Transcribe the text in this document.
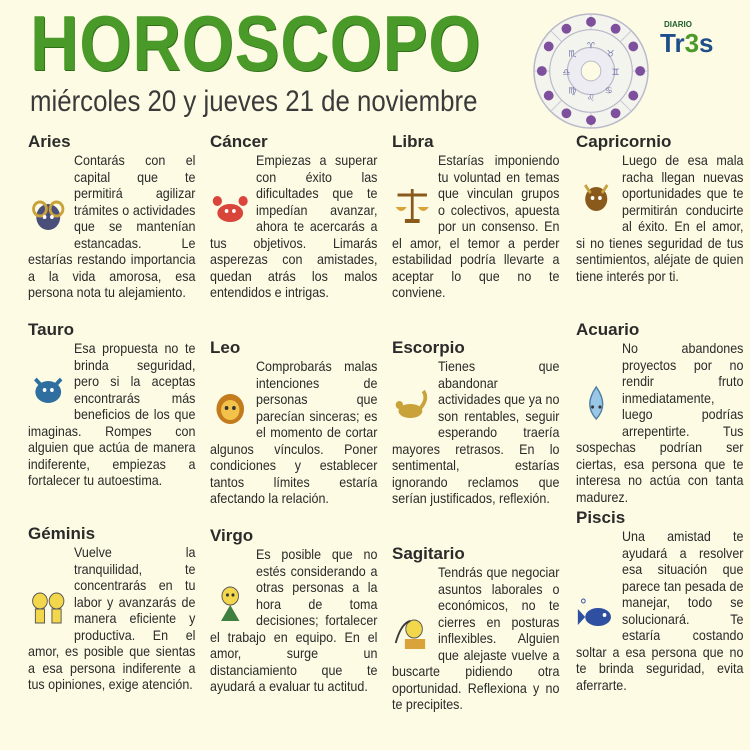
HOROSCOPO
miércoles 20 y jueves 21 de noviembre
♈
♉
♊
♋
♌
♍
♎
♏
DIARIO
Tr3s
Aries
Contarás con el capital que te permitirá agilizar trámites o actividades que se mantenían estancadas. Le estarías restando importancia a la vida amorosa, esa persona nota tu alejamiento.
Tauro
Esa propuesta no te brinda seguridad, pero si la aceptas encontrarás más beneficios de los que imaginas. Rompes con alguien que actúa de manera indiferente, empiezas a fortalecer tu autoestima.
Géminis
Vuelve la tranquilidad, te concentrarás en tu labor y avanzarás de manera eficiente y productiva. En el amor, es posible que sientas a esa persona indiferente a tus opiniones, exige atención.
Cáncer
Empiezas a superar con éxito las dificultades que te impedían avanzar, ahora te acercarás a tus objetivos. Limarás asperezas con amistades, quedan atrás los malos entendidos e intrigas.
Leo
Comprobarás malas intenciones de personas que parecían sinceras; es el momento de cortar algunos vínculos. Poner condiciones y establecer tantos límites estaría afectando la relación.
Virgo
Es posible que no estés considerando a otras personas a la hora de toma decisiones; fortalecer el trabajo en equipo. En el amor, surge un distanciamiento que te ayudará a evaluar tu actitud.
Libra
Estarías imponiendo tu voluntad en temas que vinculan grupos o colectivos, apuesta por un consenso. En el amor, el temor a perder estabilidad podría llevarte a aceptar lo que no te conviene.
Escorpio
Tienes que abandonar actividades que ya no son rentables, seguir esperando traería mayores retrasos. En lo sentimental, estarías ignorando reclamos que serían justificados, reflexión.
Sagitario
Tendrás que negociar asuntos laborales o económicos, no te cierres en posturas inflexibles. Alguien que alejaste vuelve a buscarte pidiendo otra oportunidad. Reflexiona y no te precipites.
Capricornio
Luego de esa mala racha llegan nuevas oportunidades que te permitirán conducirte al éxito. En el amor, si no tienes seguridad de tus sentimientos, aléjate de quien tiene interés por ti.
Acuario
No abandones proyectos por no rendir fruto inmediatamente, luego podrías arrepentirte. Tus sospechas podrían ser ciertas, esa persona que te interesa no actúa con tanta madurez.
Piscis
Una amistad te ayudará a resolver esa situación que parece tan pesada de manejar, todo se solucionará. Te estaría costando soltar a esa persona que no te brinda seguridad, evita aferrarte.
